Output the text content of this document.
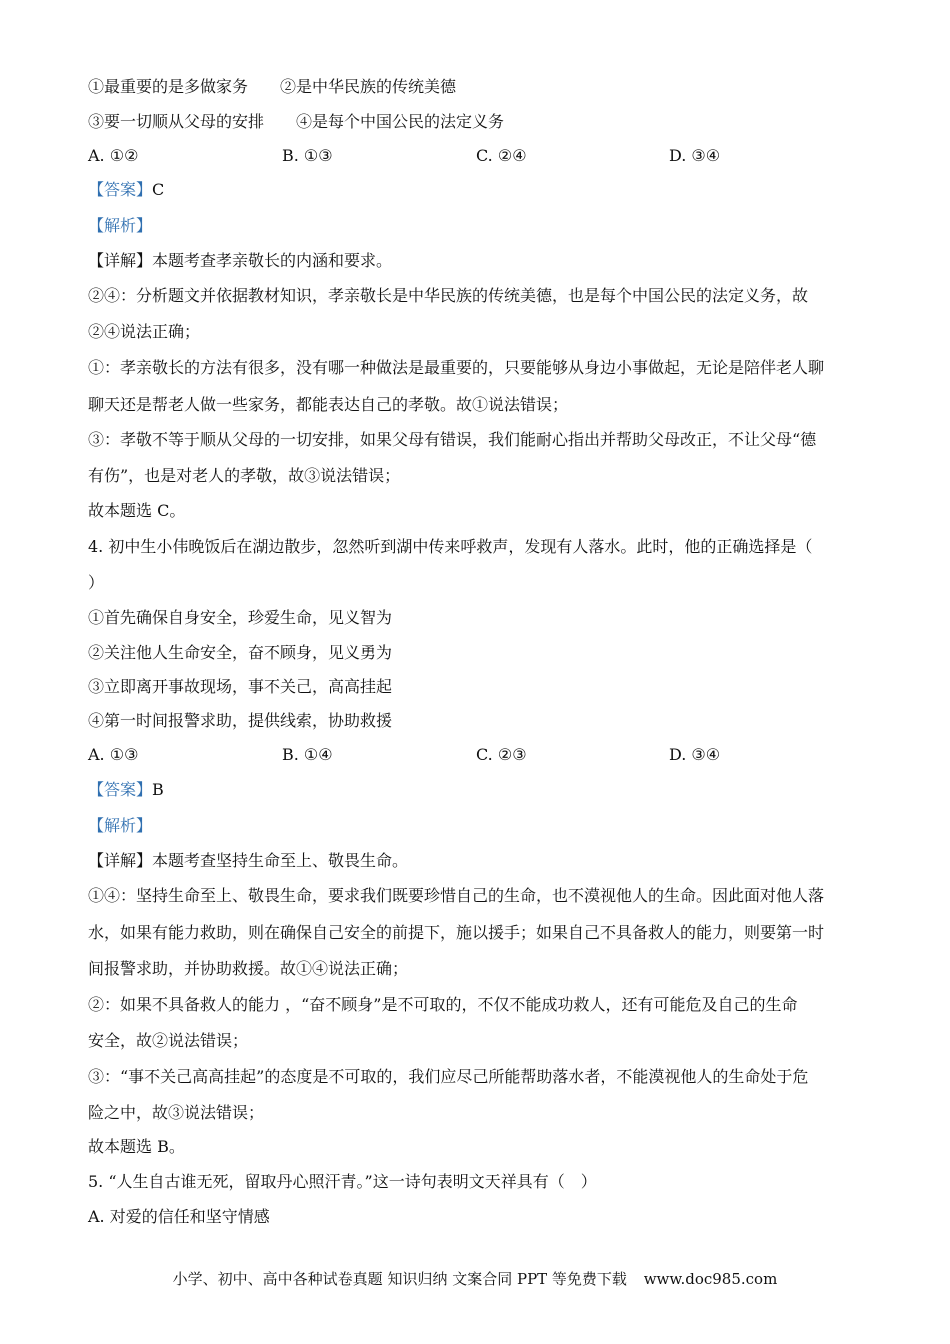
①最重要的是多做家务 ②是中华民族的传统美德
③要一切顺从父母的安排 ④是每个中国公民的法定义务
A. ①②	B. ①③	C. ②④	D. ③④
【答案】C
【解析】
【详解】本题考查孝亲敬长的内涵和要求。
②④：分析题文并依据教材知识，孝亲敬长是中华民族的传统美德，也是每个中国公民的法定义务，故
②④说法正确；
①：孝亲敬长的方法有很多，没有哪一种做法是最重要的，只要能够从身边小事做起，无论是陪伴老人聊
聊天还是帮老人做一些家务，都能表达自己的孝敬。故①说法错误；
③：孝敬不等于顺从父母的一切安排，如果父母有错误，我们能耐心指出并帮助父母改正，不让父母“德
有伤”，也是对老人的孝敬，故③说法错误；
故本题选 C。
4. 初中生小伟晚饭后在湖边散步，忽然听到湖中传来呼救声，发现有人落水。此时，他的正确选择是（
）
①首先确保自身安全，珍爱生命，见义智为
②关注他人生命安全，奋不顾身，见义勇为
③立即离开事故现场，事不关己，高高挂起
④第一时间报警求助，提供线索，协助救援
A. ①③	B. ①④	C. ②③	D. ③④
【答案】B
【解析】
【详解】本题考查坚持生命至上、敬畏生命。
①④：坚持生命至上、敬畏生命，要求我们既要珍惜自己的生命，也不漠视他人的生命。因此面对他人落
水，如果有能力救助，则在确保自己安全的前提下，施以援手；如果自己不具备救人的能力，则要第一时
间报警求助，并协助救援。故①④说法正确；
②：如果不具备救人的能力 ，“奋不顾身”是不可取的，不仅不能成功救人，还有可能危及自己的生命
安全，故②说法错误；
③：“事不关己高高挂起”的态度是不可取的，我们应尽己所能帮助落水者，不能漠视他人的生命处于危
险之中，故③说法错误；
故本题选 B。
5. “人生自古谁无死，留取丹心照汗青。”这一诗句表明文天祥具有（　）
A. 对爱的信任和坚守情感
小学、初中、高中各种试卷真题 知识归纳 文案合同 PPT 等免费下载 www.doc985.com
